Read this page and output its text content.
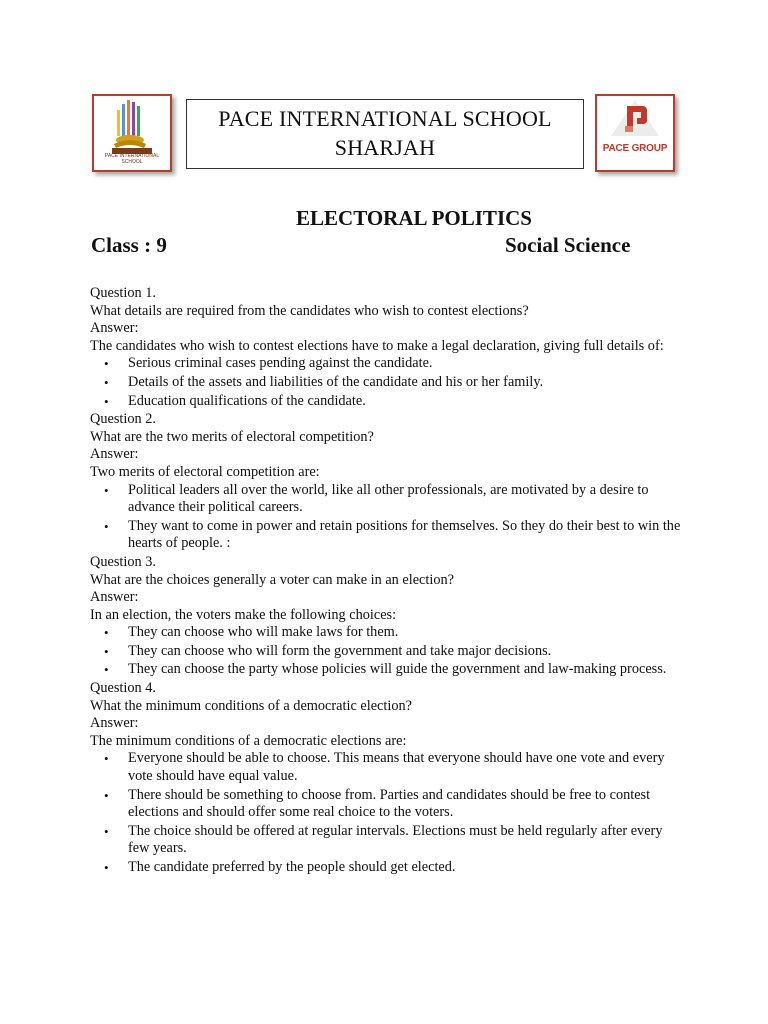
PACE INTERNATIONAL SCHOOL
PACE INTERNATIONAL SCHOOL
SHARJAH	PACE GROUP

ELECTORAL POLITICS
Class : 9	Social Science

Question 1.

What details are required from the candidates who wish to contest elections?

Answer:

The candidates who wish to contest elections have to make a legal declaration, giving full details of:

• Serious criminal cases pending against the candidate.
• Details of the assets and liabilities of the candidate and his or her family.
• Education qualifications of the candidate.

Question 2.

What are the two merits of electoral competition?

Answer:

Two merits of electoral competition are:

• Political leaders all over the world, like all other professionals, are motivated by a desire to advance their political careers.
• They want to come in power and retain positions for themselves. So they do their best to win the hearts of people. :

Question 3.

What are the choices generally a voter can make in an election?

Answer:

In an election, the voters make the following choices:

• They can choose who will make laws for them.
• They can choose who will form the government and take major decisions.
• They can choose the party whose policies will guide the government and law-making process.

Question 4.

What the minimum conditions of a democratic election?

Answer:

The minimum conditions of a democratic elections are:

• Everyone should be able to choose. This means that everyone should have one vote and every vote should have equal value.
• There should be something to choose from. Parties and candidates should be free to contest elections and should offer some real choice to the voters.
• The choice should be offered at regular intervals. Elections must be held regularly after every few years.
• The candidate preferred by the people should get elected.
